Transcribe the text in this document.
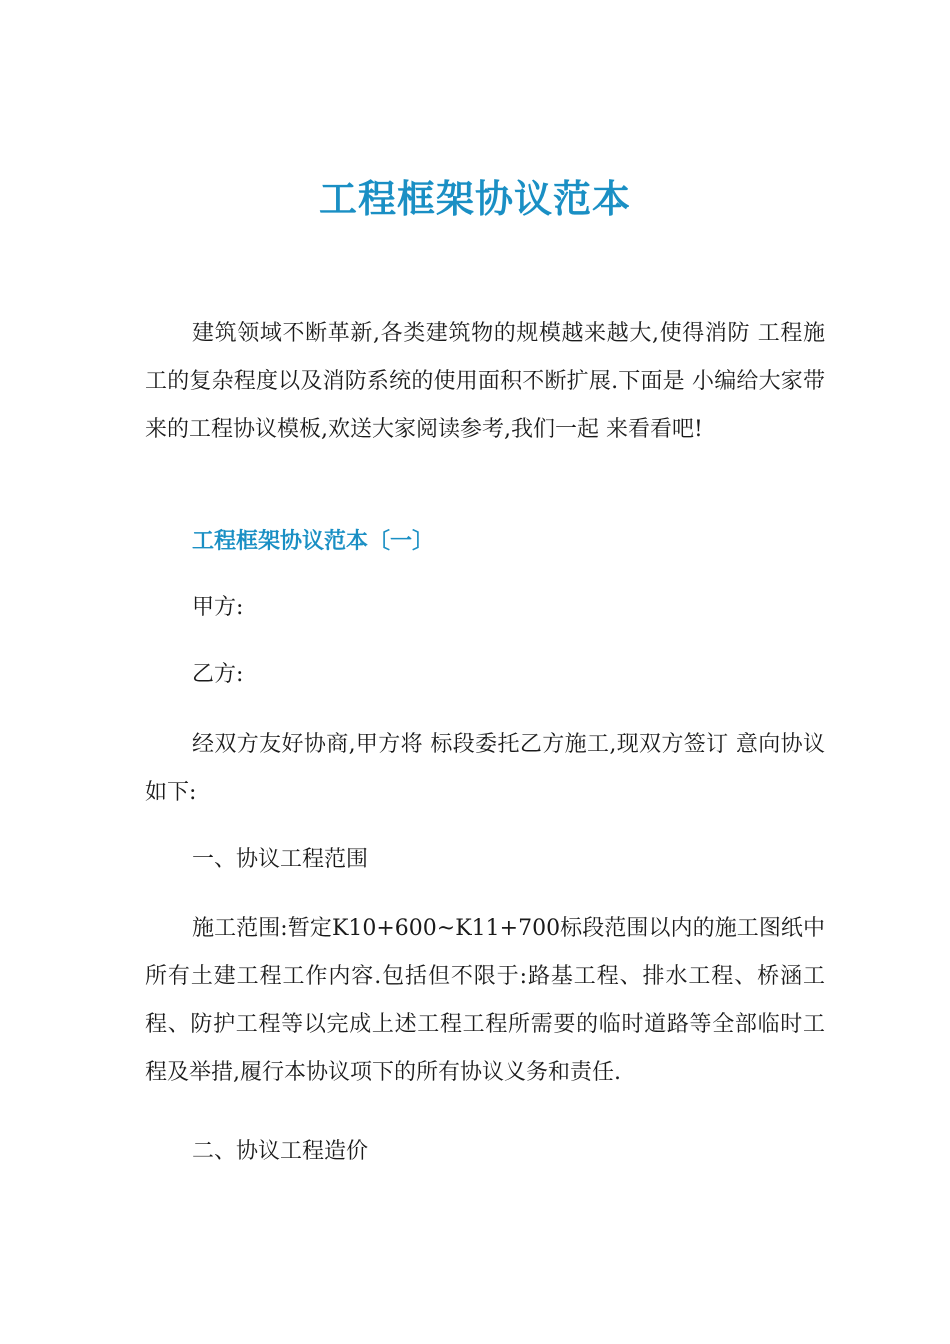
工程框架协议范本

建筑领域不断革新,各类建筑物的规模越来越大,使得消防 工程施工的复杂程度以及消防系统的使用面积不断扩展.下面是 小编给大家带来的工程协议模板,欢送大家阅读参考,我们一起 来看看吧!

工程框架协议范本〔一〕

甲方:

乙方:

经双方友好协商,甲方将 标段委托乙方施工,现双方签订 意向协议如下:

一、协议工程范围

施工范围:暂定K10+600~K11+700标段范围以内的施工图纸中所有土建工程工作内容.包括但不限于:路基工程、排水工程、桥涵工程、防护工程等以完成上述工程工程所需要的临时道路等全部临时工程及举措,履行本协议项下的所有协议义务和责任.

二、协议工程造价
